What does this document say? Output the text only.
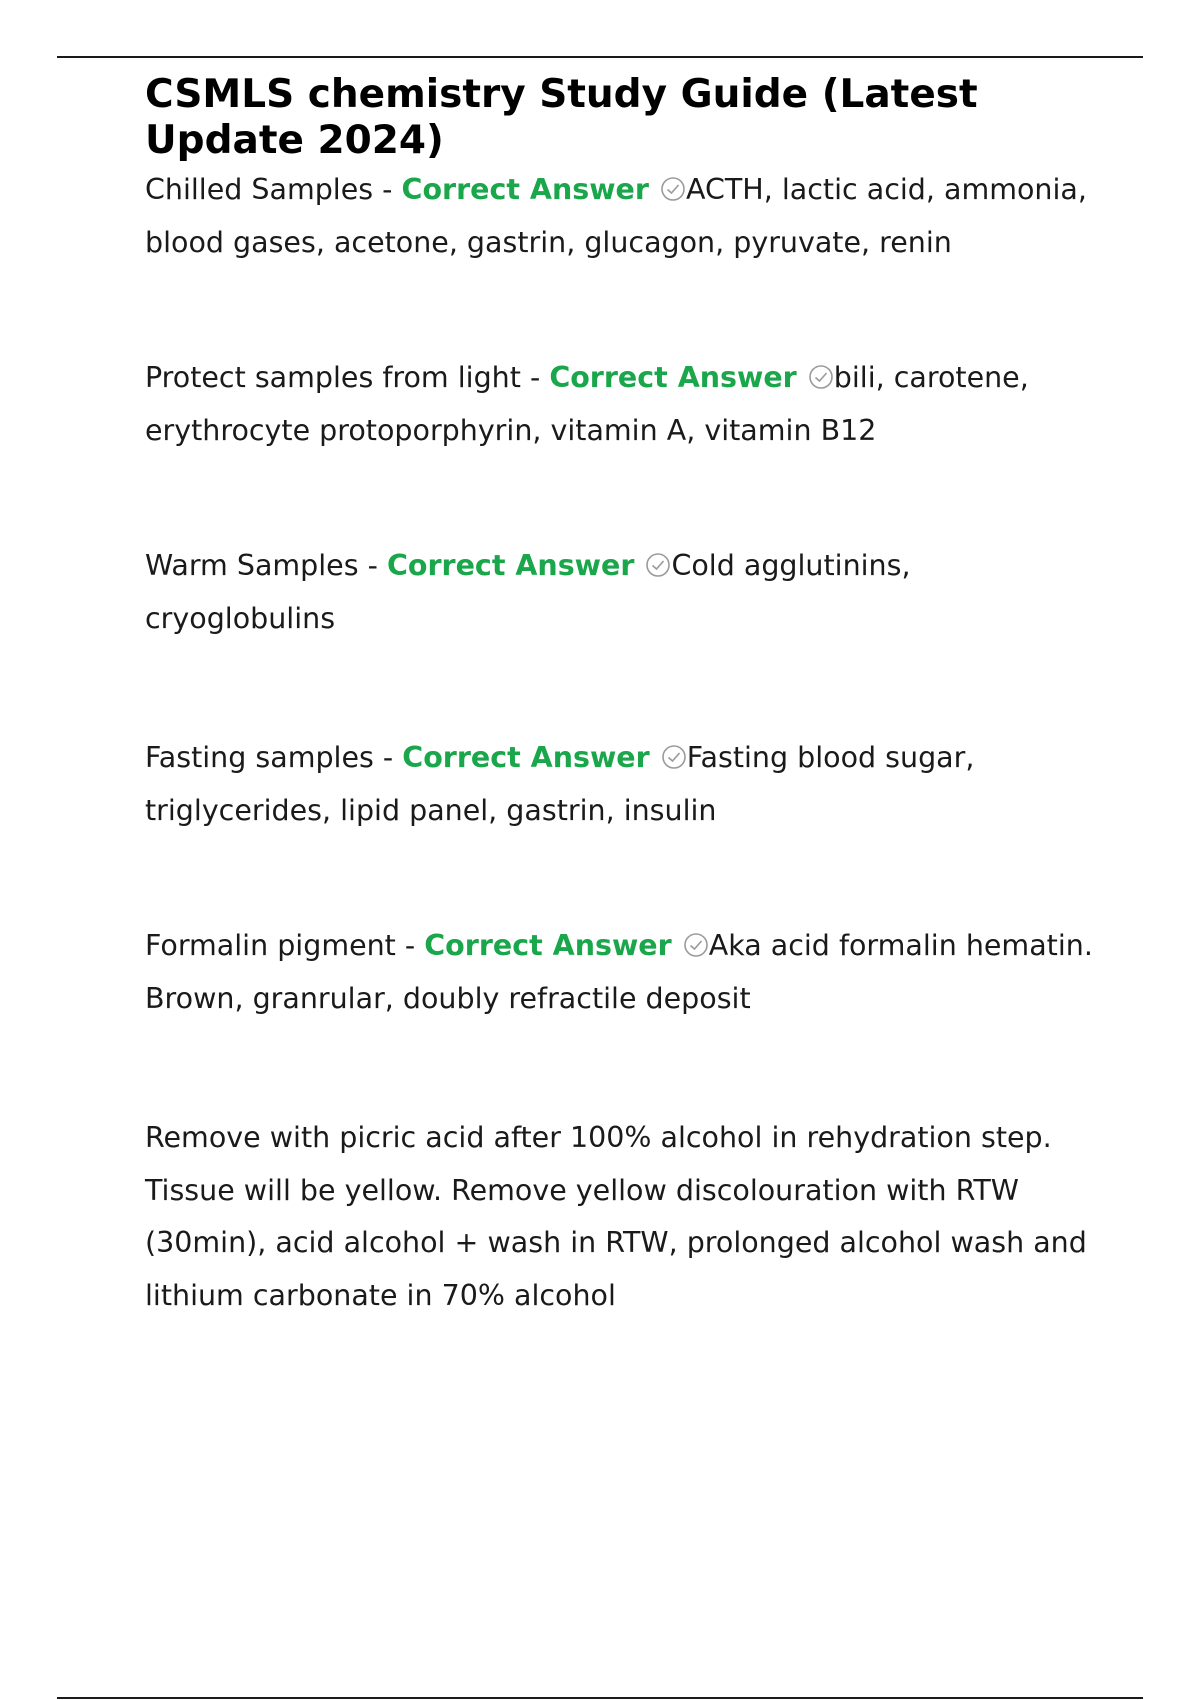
CSMLS chemistry Study Guide (Latest Update 2024)

Chilled Samples - Correct Answer ACTH, lactic acid, ammonia, blood gases, acetone, gastrin, glucagon, pyruvate, renin

Protect samples from light - Correct Answer bili, carotene, erythrocyte protoporphyrin, vitamin A, vitamin B12

Warm Samples - Correct Answer Cold agglutinins, cryoglobulins

Fasting samples - Correct Answer Fasting blood sugar, triglycerides, lipid panel, gastrin, insulin

Formalin pigment - Correct Answer Aka acid formalin hematin. Brown, granrular, doubly refractile deposit

Remove with picric acid after 100% alcohol in rehydration step. Tissue will be yellow. Remove yellow discolouration with RTW (30min), acid alcohol + wash in RTW, prolonged alcohol wash and lithium carbonate in 70% alcohol
